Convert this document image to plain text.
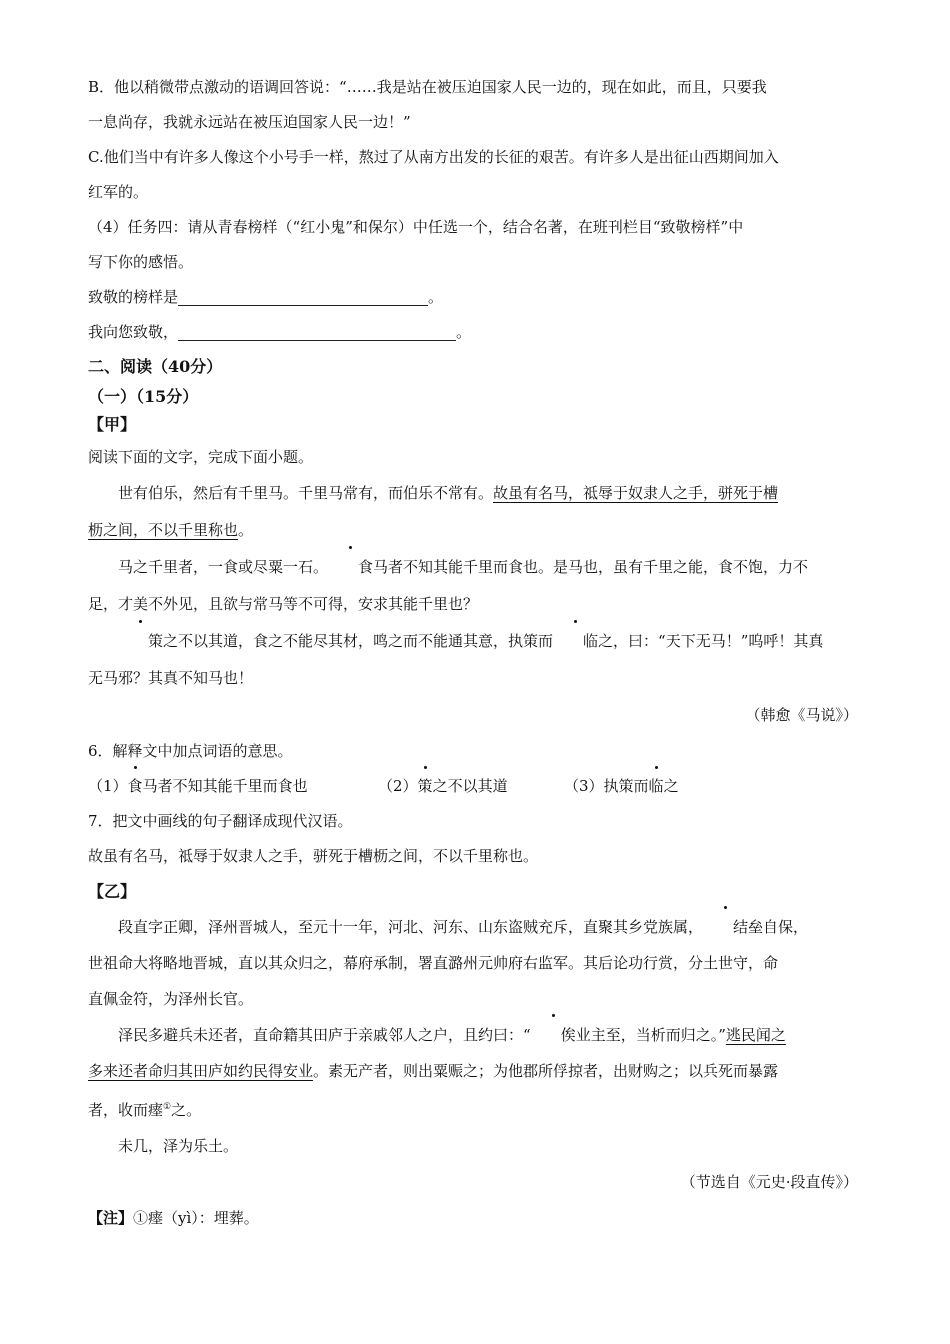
B．他以稍微带点激动的语调回答说：“……我是站在被压迫国家人民一边的，现在如此，而且，只要我

一息尚存，我就永远站在被压迫国家人民一边！”

C.他们当中有许多人像这个小号手一样，熬过了从南方出发的长征的艰苦。有许多人是出征山西期间加入

红军的。

（4）任务四：请从青春榜样（“红小鬼”和保尔）中任选一个，结合名著，在班刊栏目“致敬榜样”中

写下你的感悟。

致敬的榜样是	。

我向您致敬，	。

二、阅读（40分）

（一）（15分）

【甲】

阅读下面的文字，完成下面小题。

世有伯乐，然后有千里马。千里马常有，而伯乐不常有。故虽有名马，祗辱于奴隶人之手，骈死于槽

枥之间，不以千里称也。

马之千里者，一食或尽粟一石。 食马者不知其能千里而食也。是马也，虽有千里之能，食不饱，力不

足，才美不外见，且欲与常马等不可得，安求其能千里也？

策之不以其道，食之不能尽其材，鸣之而不能通其意，执策而 临之，曰：“天下无马！”呜呼！其真

无马邪？其真不知马也！

（韩愈《马说》）

6．解释文中加点词语的意思。

（1）食马者不知其能千里而食也	（2）策之不以其道	（3）执策而临之

7．把文中画线的句子翻译成现代汉语。

故虽有名马，祗辱于奴隶人之手，骈死于槽枥之间，不以千里称也。

【乙】

段直字正卿，泽州晋城人，至元十一年，河北、河东、山东盗贼充斥，直聚其乡党族属， 结垒自保，

世祖命大将略地晋城，直以其众归之，幕府承制，署直潞州元帅府右监军。其后论功行赏，分土世守，命

直佩金符，为泽州长官。

泽民多避兵未还者，直命籍其田庐于亲戚邻人之户，且约曰：“ 俟业主至，当析而归之。”逃民闻之

多来还者命归其田庐如约民得安业。素无产者，则出粟赈之；为他郡所俘掠者，出财购之；以兵死而暴露

者，收而瘗①之。

未几，泽为乐土。

（节选自《元史·段直传》）

【注】①瘗（yì）：埋葬。
